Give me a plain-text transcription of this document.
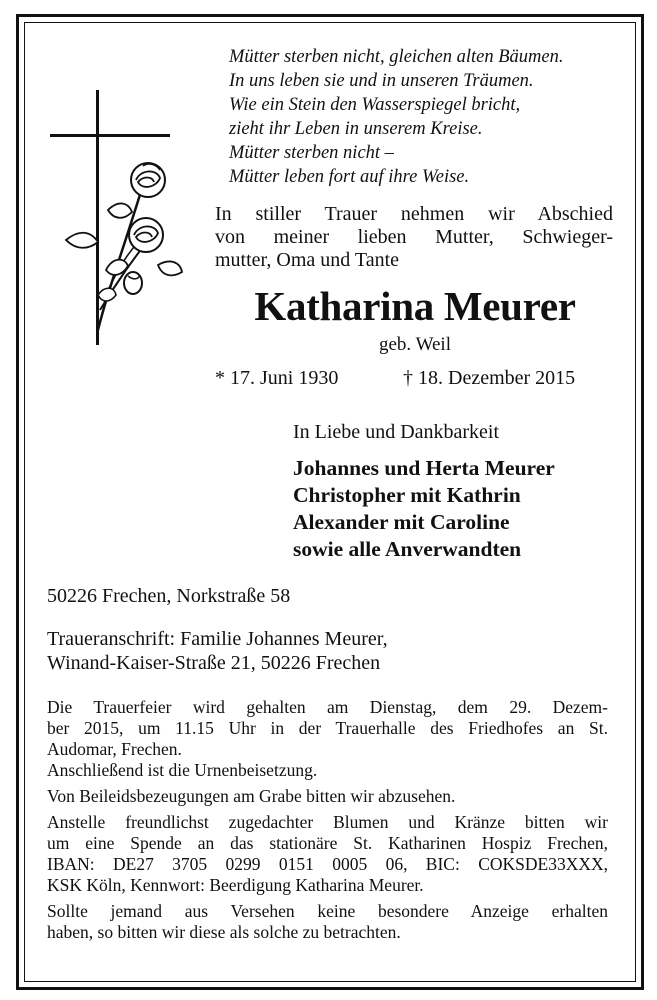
Mütter sterben nicht, gleichen alten Bäumen.
In uns leben sie und in unseren Träumen.
Wie ein Stein den Wasserspiegel bricht,
zieht ihr Leben in unserem Kreise.
Mütter sterben nicht –
Mütter leben fort auf ihre Weise.
In stiller Trauer nehmen wir Abschied
von meiner lieben Mutter, Schwieger-
mutter, Oma und Tante
Katharina Meurer
geb. Weil
* 17. Juni 1930	† 18. Dezember 2015
In Liebe und Dankbarkeit
Johannes und Herta Meurer
Christopher mit Kathrin
Alexander mit Caroline
sowie alle Anverwandten
50226 Frechen, Norkstraße 58
Traueranschrift: Familie Johannes Meurer,
Winand-Kaiser-Straße 21, 50226 Frechen
Die Trauerfeier wird gehalten am Dienstag, dem 29. Dezem-
ber 2015, um 11.15 Uhr in der Trauerhalle des Friedhofes an St.
Audomar, Frechen.
Anschließend ist die Urnenbeisetzung.
Von Beileidsbezeugungen am Grabe bitten wir abzusehen.
Anstelle freundlichst zugedachter Blumen und Kränze bitten wir
um eine Spende an das stationäre St. Katharinen Hospiz Frechen,
IBAN: DE27 3705 0299 0151 0005 06, BIC: COKSDE33XXX,
KSK Köln, Kennwort: Beerdigung Katharina Meurer.
Sollte jemand aus Versehen keine besondere Anzeige erhalten
haben, so bitten wir diese als solche zu betrachten.
